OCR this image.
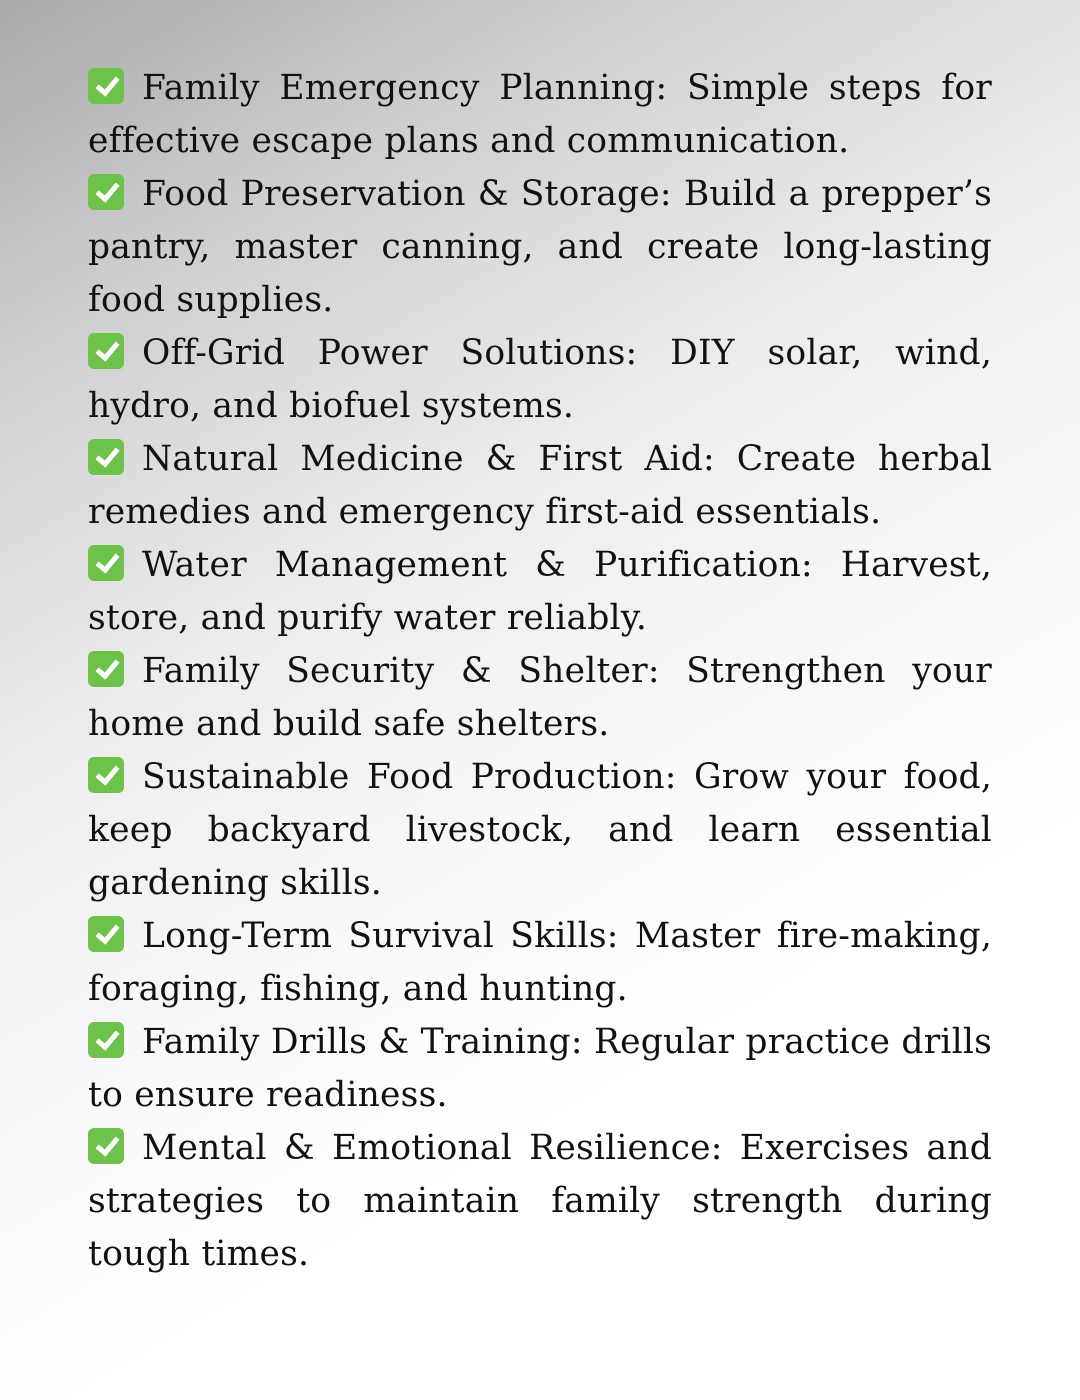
Family Emergency Planning: Simple steps for effective escape plans and communication.
Food Preservation & Storage: Build a prepper’s pantry, master canning, and create long-lasting food supplies.
Off-Grid Power Solutions: DIY solar, wind, hydro, and biofuel systems.
Natural Medicine & First Aid: Create herbal remedies and emergency first-aid essentials.
Water Management & Purification: Harvest, store, and purify water reliably.
Family Security & Shelter: Strengthen your home and build safe shelters.
Sustainable Food Production: Grow your food, keep backyard livestock, and learn essential gardening skills.
Long-Term Survival Skills: Master fire-making, foraging, fishing, and hunting.
Family Drills & Training: Regular practice drills to ensure readiness.
Mental & Emotional Resilience: Exercises and strategies to maintain family strength during tough times.
